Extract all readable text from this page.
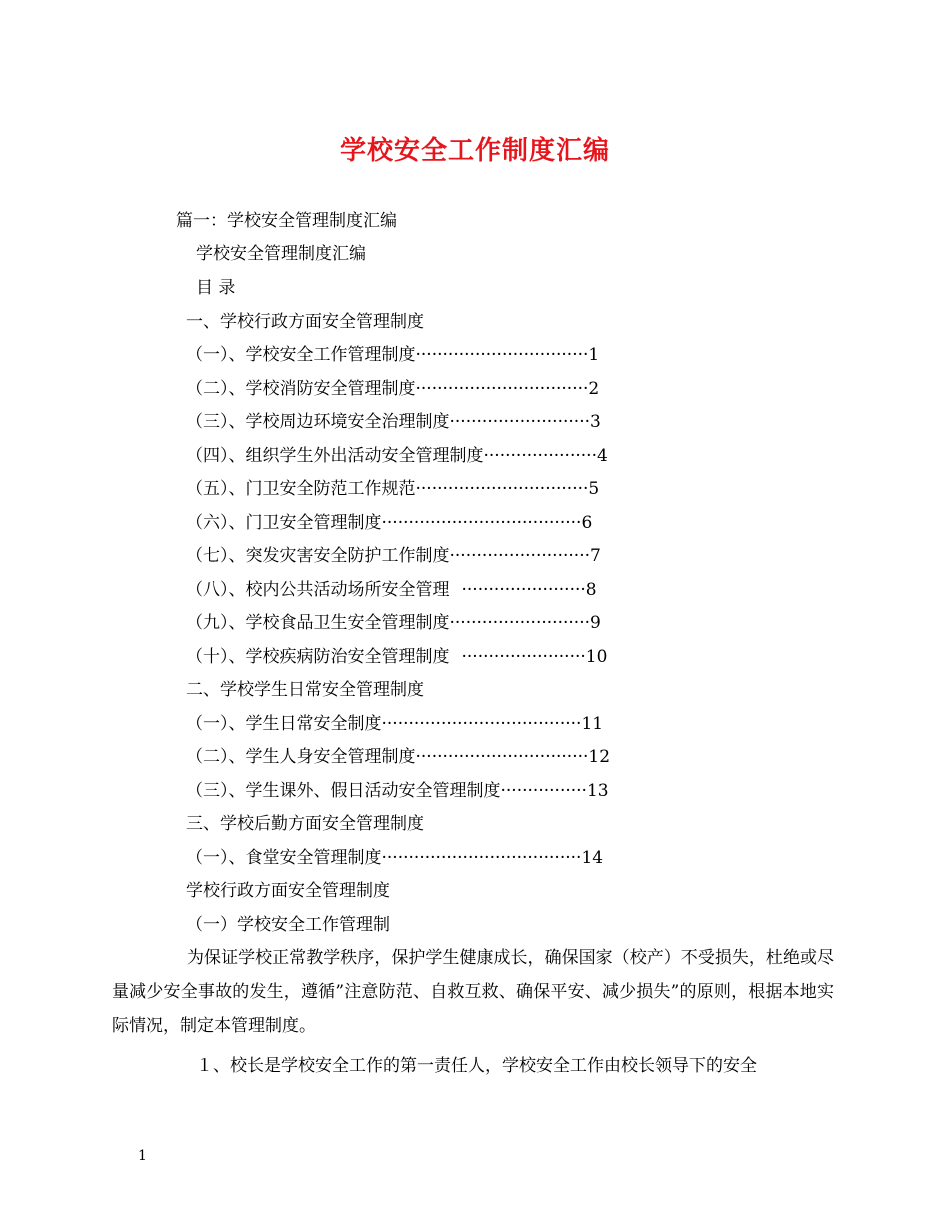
学校安全工作制度汇编
篇一：学校安全管理制度汇编
学校安全管理制度汇编
目 录
一、学校行政方面安全管理制度
（一）、学校安全工作管理制度 ································ 1
（二）、学校消防安全管理制度 ································ 2
（三）、学校周边环境安全治理制度 ·························· 3
（四）、组织学生外出活动安全管理制度 ····················· 4
（五）、门卫安全防范工作规范 ································ 5
（六）、门卫安全管理制度 ····································· 6
（七）、突发灾害安全防护工作制度 ·························· 7
（八）、校内公共活动场所安全管理 ······················· 8
（九）、学校食品卫生安全管理制度 ·························· 9
（十）、学校疾病防治安全管理制度 ······················· 10
二、学校学生日常安全管理制度
（一）、学生日常安全制度 ····································· 11
（二）、学生人身安全管理制度 ································ 12
（三）、学生课外、假日活动安全管理制度 ················ 13
三、学校后勤方面安全管理制度
（一）、食堂安全管理制度 ····································· 14
学校行政方面安全管理制度
（一）学校安全工作管理制
为保证学校正常教学秩序，保护学生健康成长，确保国家（校产）不受损失，杜绝或尽量减少安全事故的发生，遵循”注意防范、自救互救、确保平安、减少损失”的原则，根据本地实际情况，制定本管理制度。
１、校长是学校安全工作的第一责任人，学校安全工作由校长领导下的安全
1
